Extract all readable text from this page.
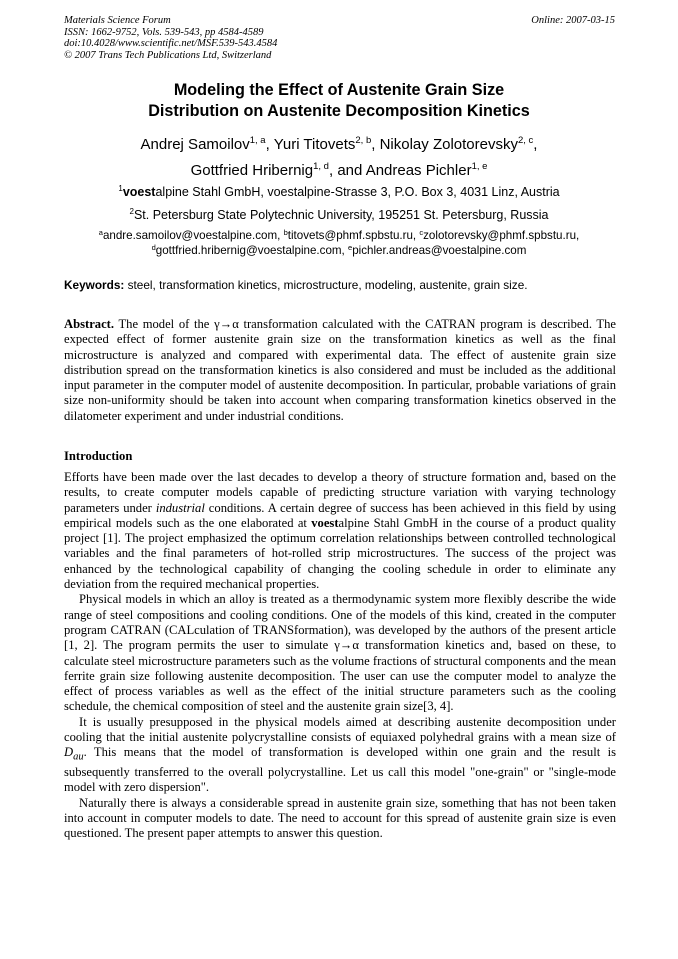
Materials Science Forum
ISSN: 1662-9752, Vols. 539-543, pp 4584-4589
doi:10.4028/www.scientific.net/MSF.539-543.4584
© 2007 Trans Tech Publications Ltd, Switzerland
Online: 2007-03-15
Modeling the Effect of Austenite Grain Size
Distribution on Austenite Decomposition Kinetics
Andrej Samoilov$^{1, a}$, Yuri Titovets$^{2, b}$, Nikolay Zolotorevsky$^{2, c}$,
Gottfried Hribernig$^{1, d}$, and Andreas Pichler$^{1, e}$
$^1$voestalpine Stahl GmbH, voestalpine-Strasse 3, P.O. Box 3, 4031 Linz, Austria
$^2$St. Petersburg State Polytechnic University, 195251 St. Petersburg, Russia
$^a$andre.samoilov@voestalpine.com, $^b$titovets@phmf.spbstu.ru, $^c$zolotorevsky@phmf.spbstu.ru,
$^d$gottfried.hribernig@voestalpine.com, $^e$pichler.andreas@voestalpine.com
Keywords: steel, transformation kinetics, microstructure, modeling, austenite, grain size.
Abstract. The model of the γ→α transformation calculated with the CATRAN program is described. The expected effect of former austenite grain size on the transformation kinetics as well as the final microstructure is analyzed and compared with experimental data. The effect of austenite grain size distribution spread on the transformation kinetics is also considered and must be included as the additional input parameter in the computer model of austenite decomposition. In particular, probable variations of grain size non-uniformity should be taken into account when comparing transformation kinetics observed in the dilatometer experiment and under industrial conditions.
Introduction

Efforts have been made over the last decades to develop a theory of structure formation and, based on the results, to create computer models capable of predicting structure variation with varying technology parameters under industrial conditions. A certain degree of success has been achieved in this field by using empirical models such as the one elaborated at voestalpine Stahl GmbH in the course of a product quality project [1]. The project emphasized the optimum correlation relationships between controlled technological variables and the final parameters of hot-rolled strip microstructures. The success of the project was enhanced by the technological capability of changing the cooling schedule in order to eliminate any deviation from the required mechanical properties.

Physical models in which an alloy is treated as a thermodynamic system more flexibly describe the wide range of steel compositions and cooling conditions. One of the models of this kind, created in the computer program CATRAN (CALculation of TRANSformation), was developed by the authors of the present article [1, 2]. The program permits the user to simulate γ→α transformation kinetics and, based on these, to calculate steel microstructure parameters such as the volume fractions of structural components and the mean ferrite grain size following austenite decomposition. The user can use the computer model to analyze the effect of process variables as well as the effect of the initial structure parameters such as the cooling schedule, the chemical composition of steel and the austenite grain size[3, 4].

It is usually presupposed in the physical models aimed at describing austenite decomposition under cooling that the initial austenite polycrystalline consists of equiaxed polyhedral grains with a mean size of $D_{au}$. This means that the model of transformation is developed within one grain and the result is subsequently transferred to the overall polycrystalline. Let us call this model "one-grain" or "single-mode model with zero dispersion".

Naturally there is always a considerable spread in austenite grain size, something that has not been taken into account in computer models to date. The need to account for this spread of austenite grain size is even questioned. The present paper attempts to answer this question.
